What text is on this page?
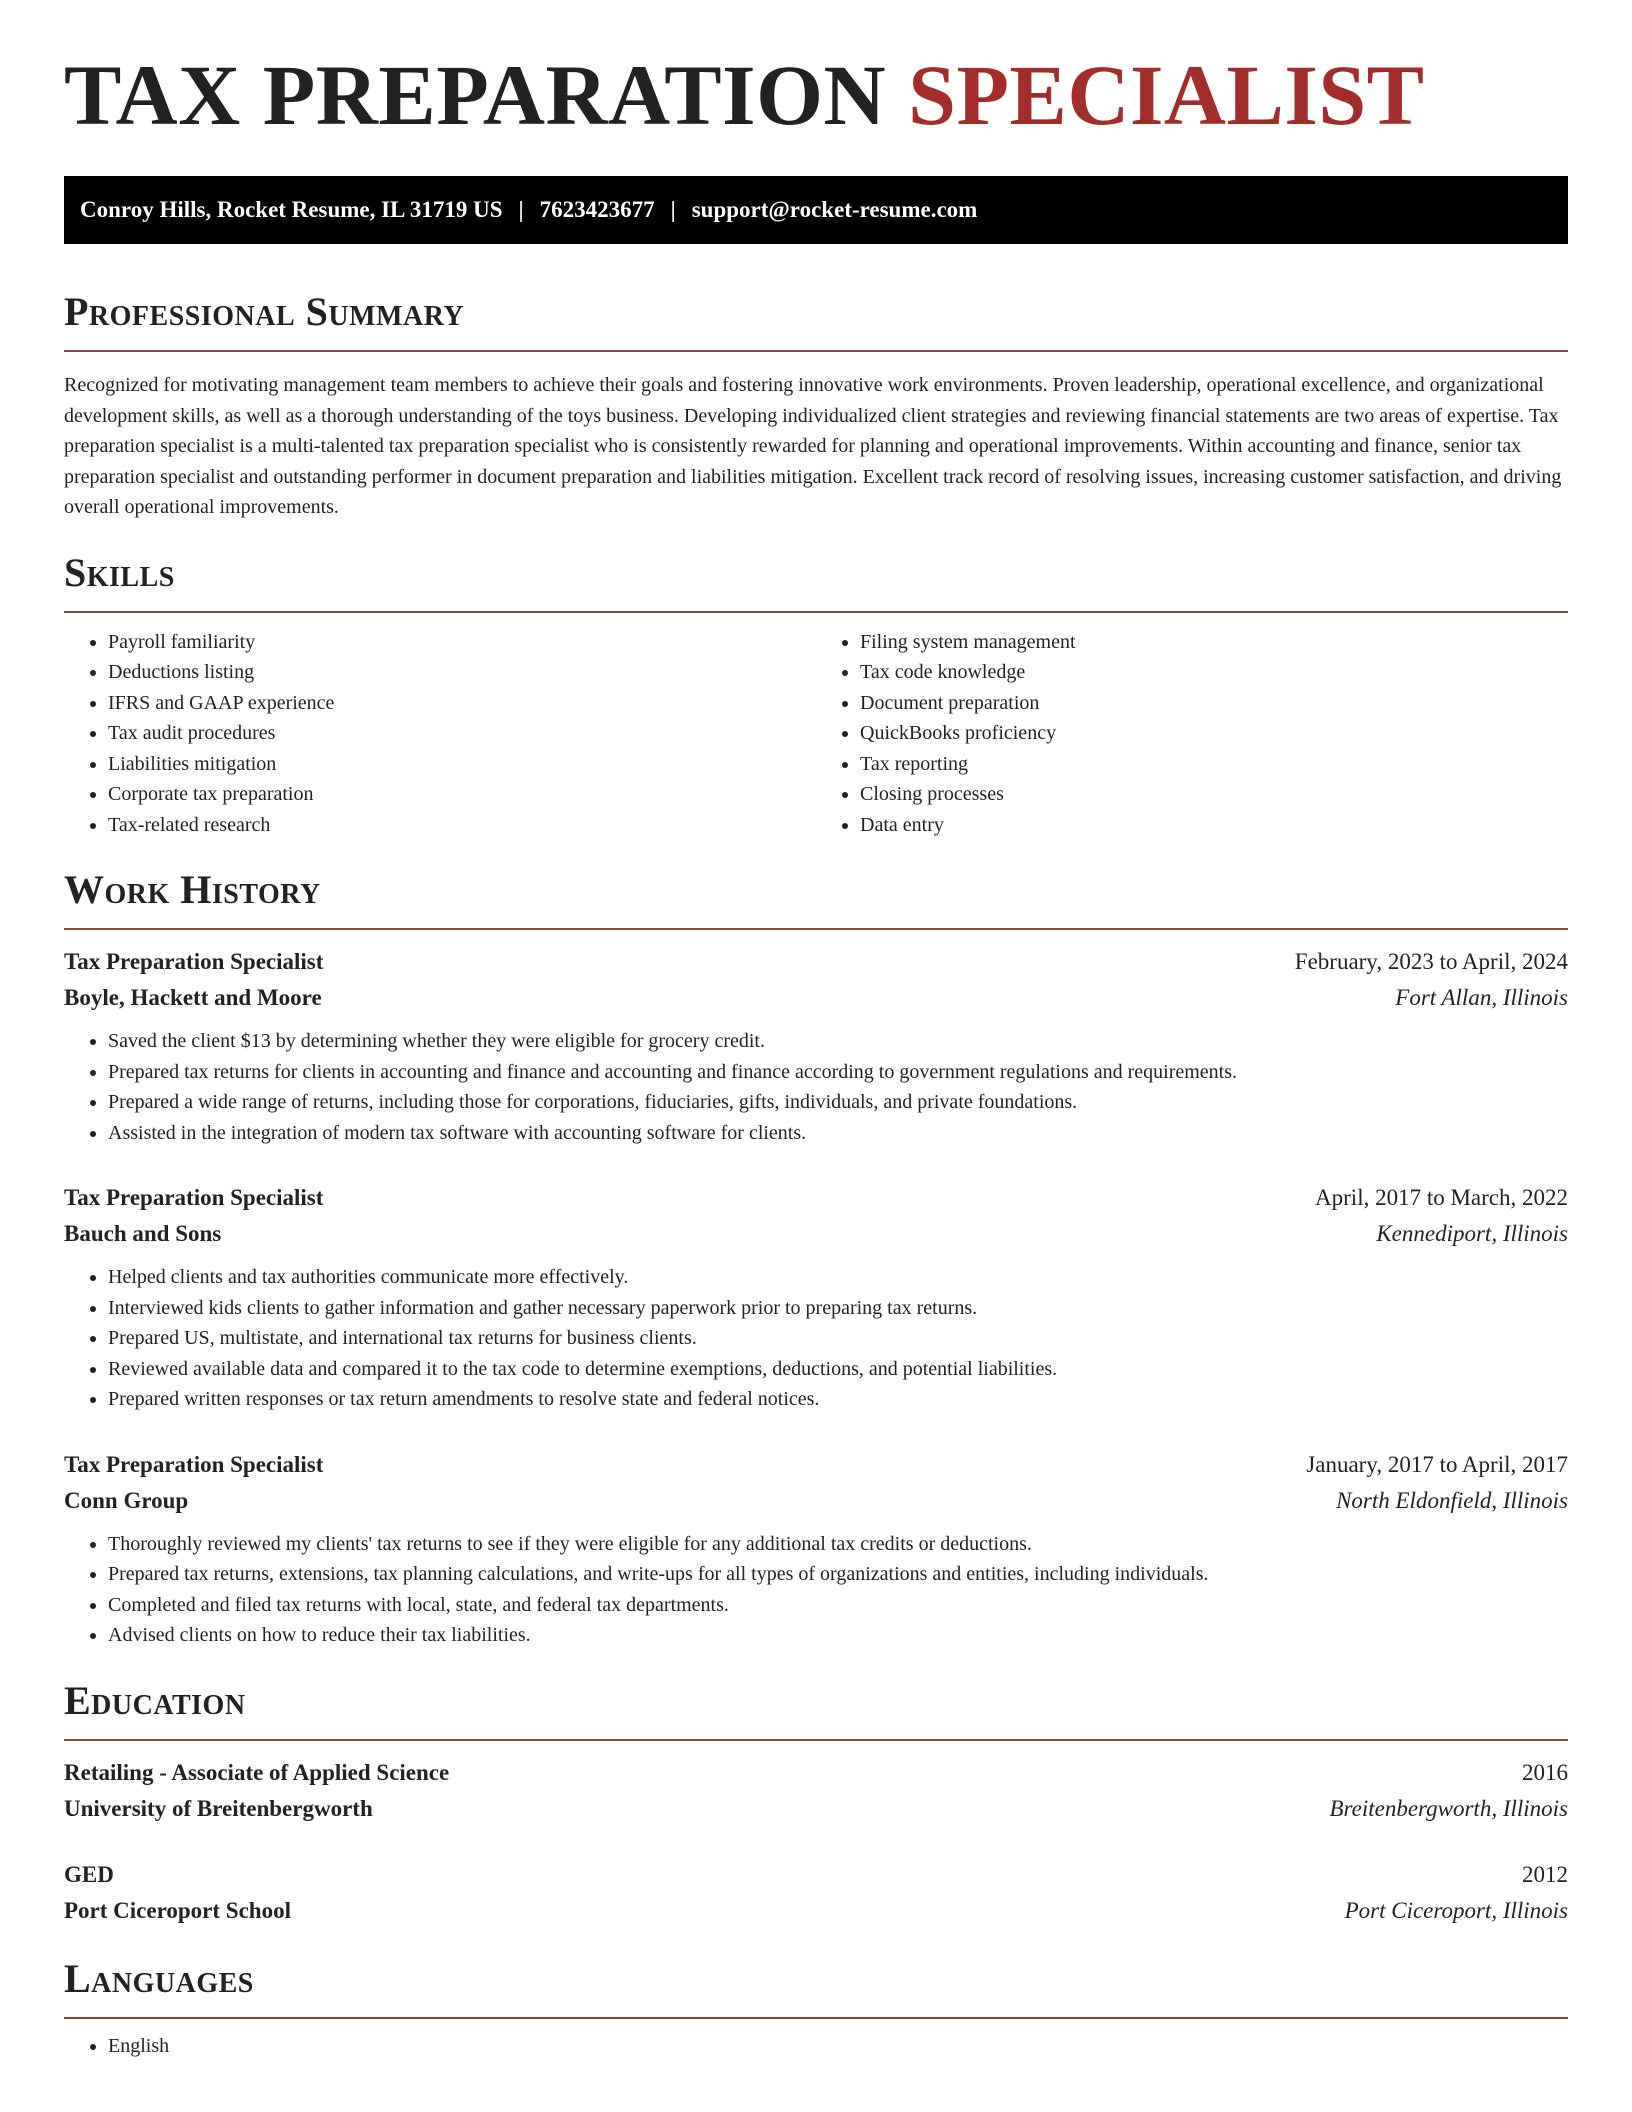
TAX PREPARATION SPECIALIST
Conroy Hills, Rocket Resume, IL 31719 US | 7623423677 | support@rocket-resume.com
Professional Summary

Recognized for motivating management team members to achieve their goals and fostering innovative work environments. Proven leadership, operational excellence, and organizational development skills, as well as a thorough understanding of the toys business. Developing individualized client strategies and reviewing financial statements are two areas of expertise. Tax preparation specialist is a multi-talented tax preparation specialist who is consistently rewarded for planning and operational improvements. Within accounting and finance, senior tax preparation specialist and outstanding performer in document preparation and liabilities mitigation. Excellent track record of resolving issues, increasing customer satisfaction, and driving overall operational improvements.

Skills
• Payroll familiarity
• Deductions listing
• IFRS and GAAP experience
• Tax audit procedures
• Liabilities mitigation
• Corporate tax preparation
• Tax-related research
• Filing system management
• Tax code knowledge
• Document preparation
• QuickBooks proficiency
• Tax reporting
• Closing processes
• Data entry
Work History
Tax Preparation Specialist	February, 2023 to April, 2024
Boyle, Hackett and Moore	Fort Allan, Illinois
• Saved the client $13 by determining whether they were eligible for grocery credit.
• Prepared tax returns for clients in accounting and finance and accounting and finance according to government regulations and requirements.
• Prepared a wide range of returns, including those for corporations, fiduciaries, gifts, individuals, and private foundations.
• Assisted in the integration of modern tax software with accounting software for clients.
Tax Preparation Specialist	April, 2017 to March, 2022
Bauch and Sons	Kennediport, Illinois
• Helped clients and tax authorities communicate more effectively.
• Interviewed kids clients to gather information and gather necessary paperwork prior to preparing tax returns.
• Prepared US, multistate, and international tax returns for business clients.
• Reviewed available data and compared it to the tax code to determine exemptions, deductions, and potential liabilities.
• Prepared written responses or tax return amendments to resolve state and federal notices.
Tax Preparation Specialist	January, 2017 to April, 2017
Conn Group	North Eldonfield, Illinois
• Thoroughly reviewed my clients' tax returns to see if they were eligible for any additional tax credits or deductions.
• Prepared tax returns, extensions, tax planning calculations, and write-ups for all types of organizations and entities, including individuals.
• Completed and filed tax returns with local, state, and federal tax departments.
• Advised clients on how to reduce their tax liabilities.
Education
Retailing - Associate of Applied Science	2016
University of Breitenbergworth	Breitenbergworth, Illinois
GED	2012
Port Ciceroport School	Port Ciceroport, Illinois
Languages
• English
